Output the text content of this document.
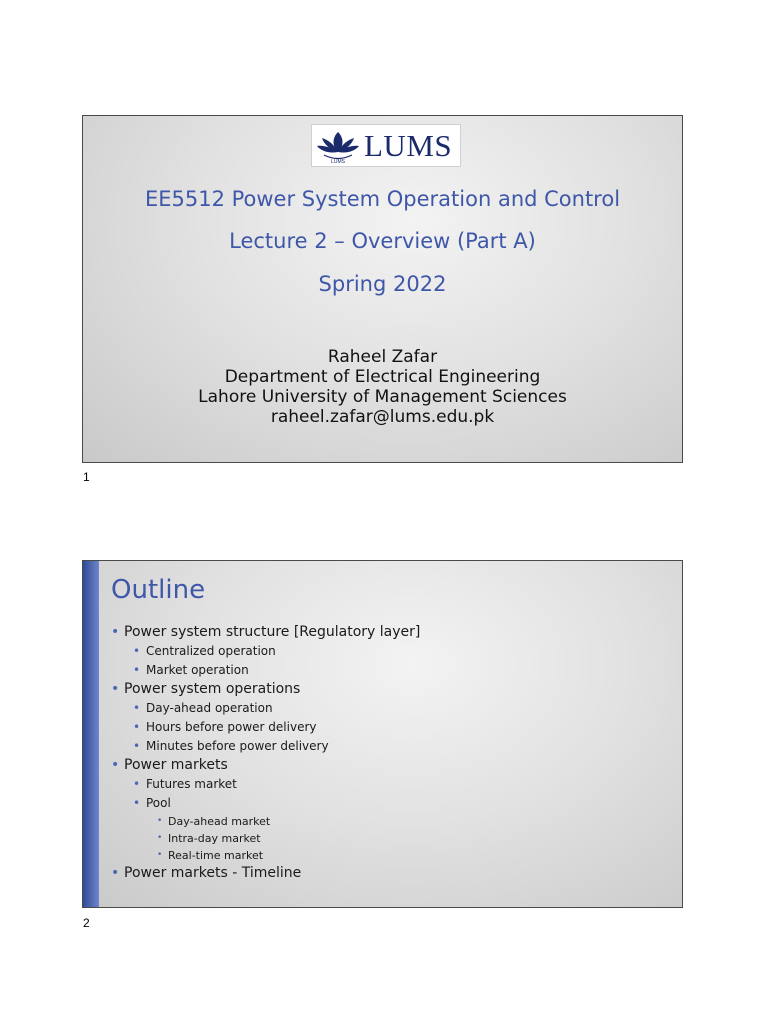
LUMS LUMS
EE5512 Power System Operation and Control
Lecture 2 – Overview (Part A)
Spring 2022
Raheel Zafar
Department of Electrical Engineering
Lahore University of Management Sciences
raheel.zafar@lums.edu.pk
1
Outline
• Power system structure [Regulatory layer]
• Centralized operation
• Market operation
• Power system operations
• Day-ahead operation
• Hours before power delivery
• Minutes before power delivery
• Power markets
• Futures market
• Pool
• Day-ahead market
• Intra-day market
• Real-time market
• Power markets - Timeline
2
